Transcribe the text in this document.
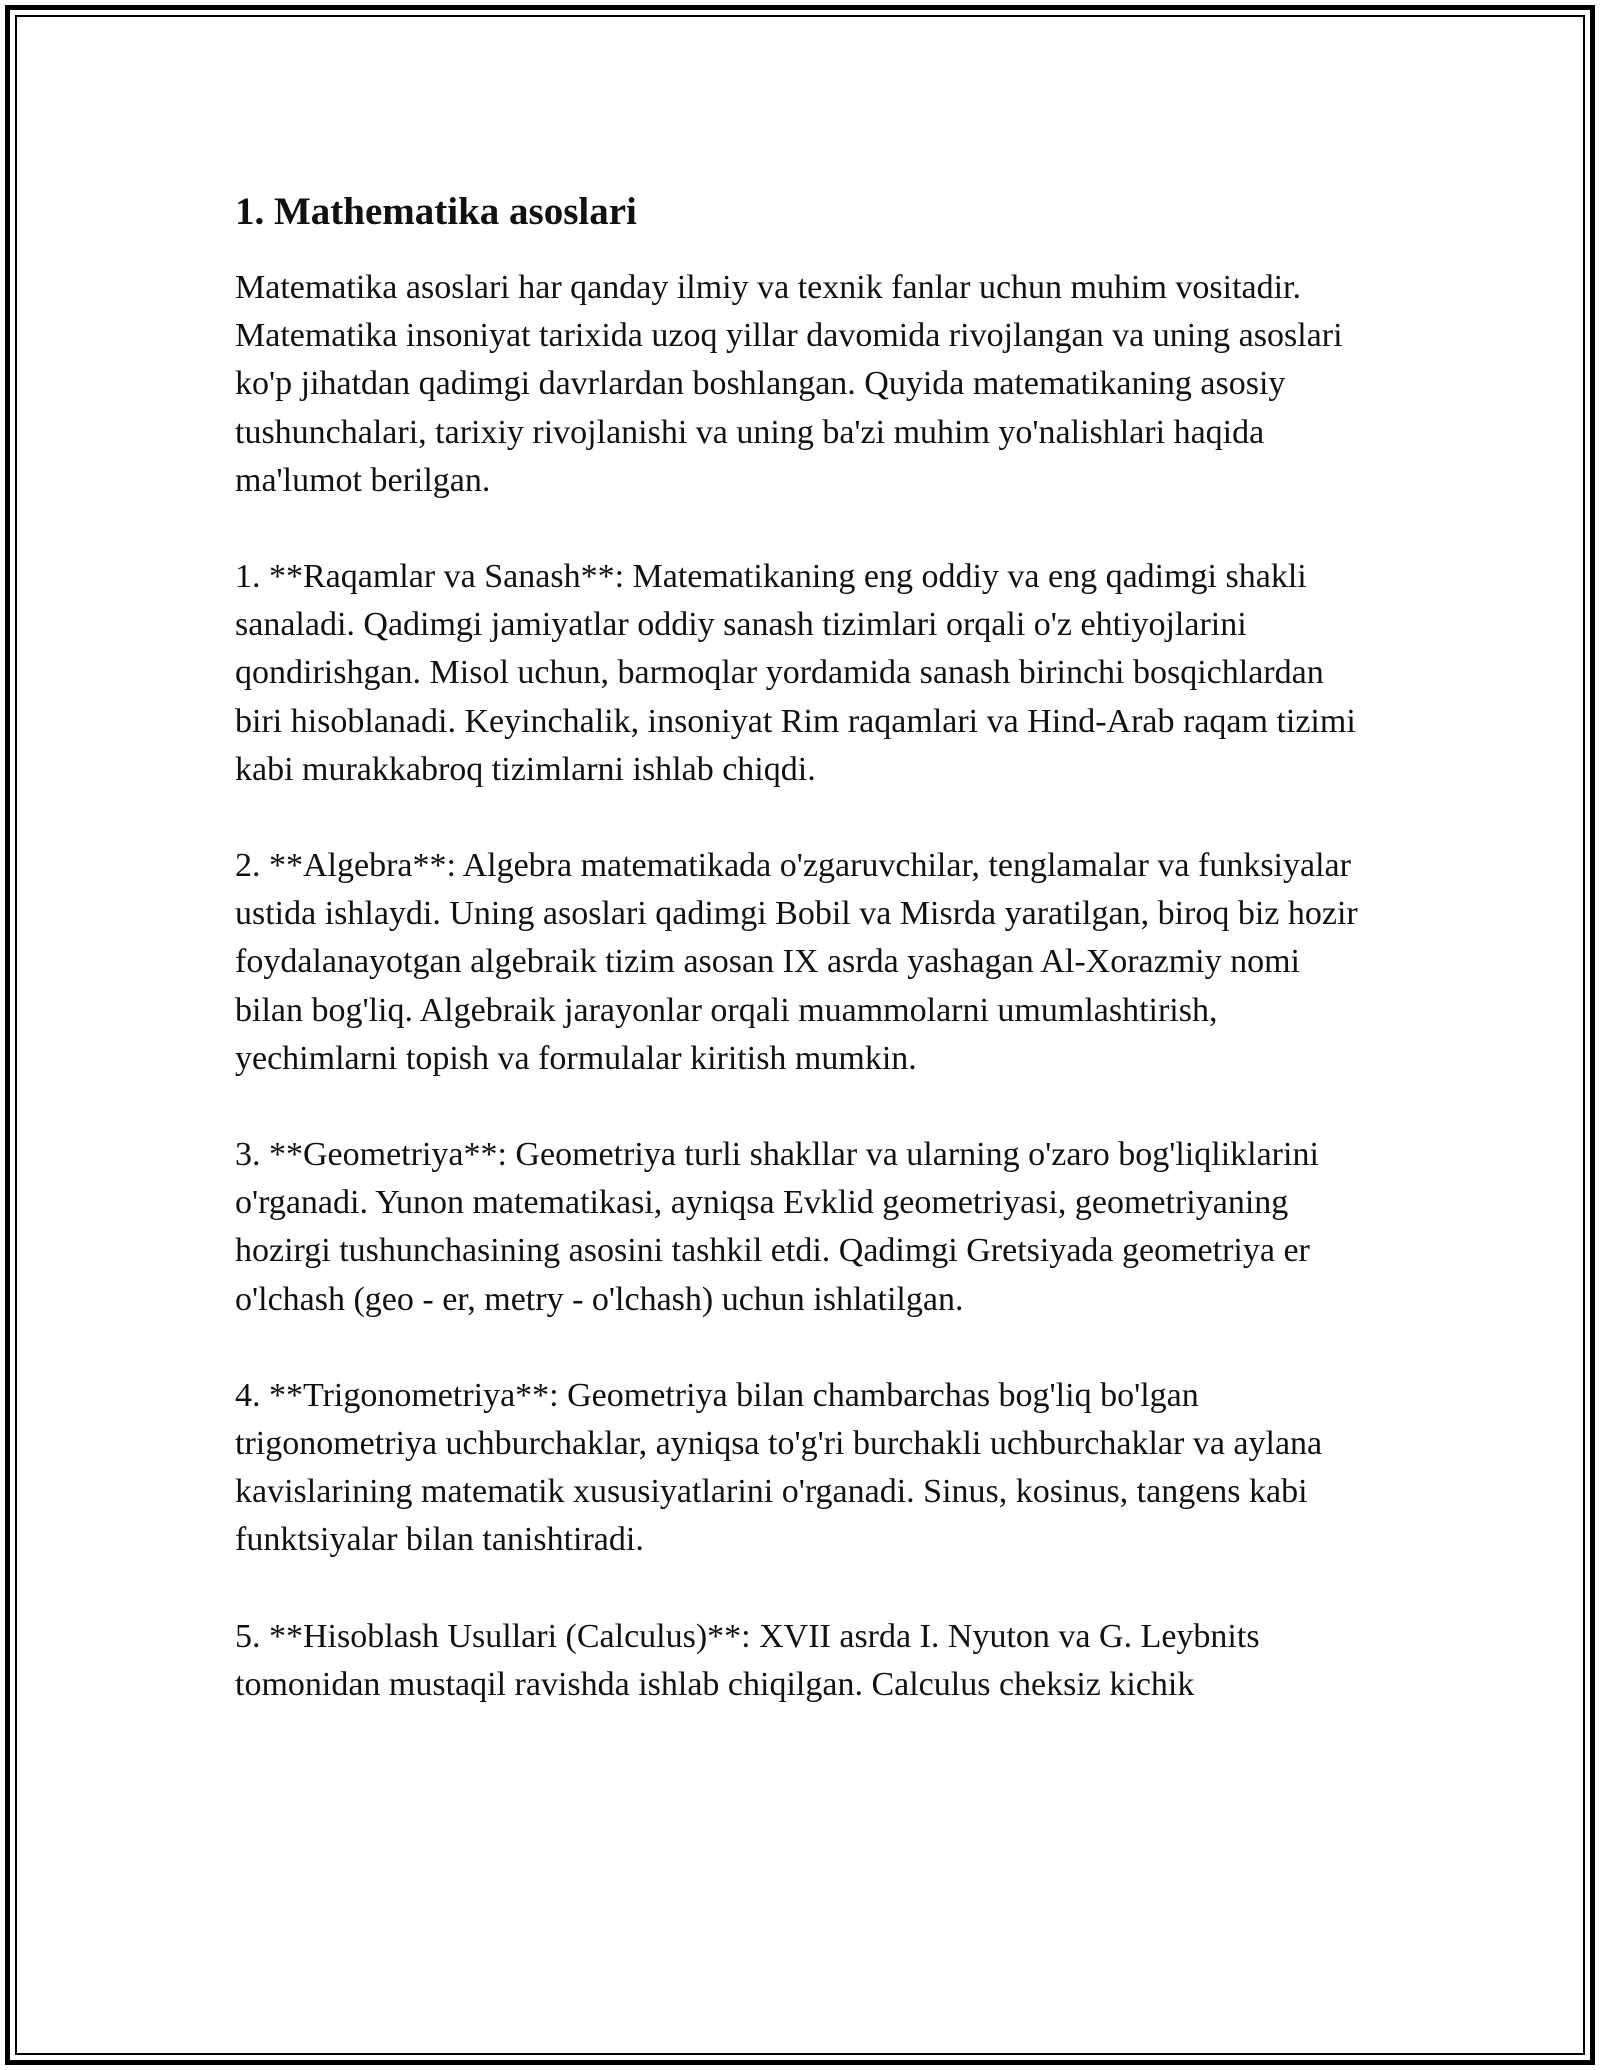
1. Mathematika asoslari

Matematika asoslari har qanday ilmiy va texnik fanlar uchun muhim vositadir. Matematika insoniyat tarixida uzoq yillar davomida rivojlangan va uning asoslari ko'p jihatdan qadimgi davrlardan boshlangan. Quyida matematikaning asosiy tushunchalari, tarixiy rivojlanishi va uning ba'zi muhim yo'nalishlari haqida ma'lumot berilgan.

1. **Raqamlar va Sanash**: Matematikaning eng oddiy va eng qadimgi shakli sanaladi. Qadimgi jamiyatlar oddiy sanash tizimlari orqali o'z ehtiyojlarini qondirishgan. Misol uchun, barmoqlar yordamida sanash birinchi bosqichlardan biri hisoblanadi. Keyinchalik, insoniyat Rim raqamlari va Hind-Arab raqam tizimi kabi murakkabroq tizimlarni ishlab chiqdi.

2. **Algebra**: Algebra matematikada o'zgaruvchilar, tenglamalar va funksiyalar ustida ishlaydi. Uning asoslari qadimgi Bobil va Misrda yaratilgan, biroq biz hozir foydalanayotgan algebraik tizim asosan IX asrda yashagan Al-Xorazmiy nomi bilan bog'liq. Algebraik jarayonlar orqali muammolarni umumlashtirish, yechimlarni topish va formulalar kiritish mumkin.

3. **Geometriya**: Geometriya turli shakllar va ularning o'zaro bog'liqliklarini o'rganadi. Yunon matematikasi, ayniqsa Evklid geometriyasi, geometriyaning hozirgi tushunchasining asosini tashkil etdi. Qadimgi Gretsiyada geometriya er o'lchash (geo - er, metry - o'lchash) uchun ishlatilgan.

4. **Trigonometriya**: Geometriya bilan chambarchas bog'liq bo'lgan trigonometriya uchburchaklar, ayniqsa to'g'ri burchakli uchburchaklar va aylana kavislarining matematik xususiyatlarini o'rganadi. Sinus, kosinus, tangens kabi funktsiyalar bilan tanishtiradi.

5. **Hisoblash Usullari (Calculus)**: XVII asrda I. Nyuton va G. Leybnits tomonidan mustaqil ravishda ishlab chiqilgan. Calculus cheksiz kichik
